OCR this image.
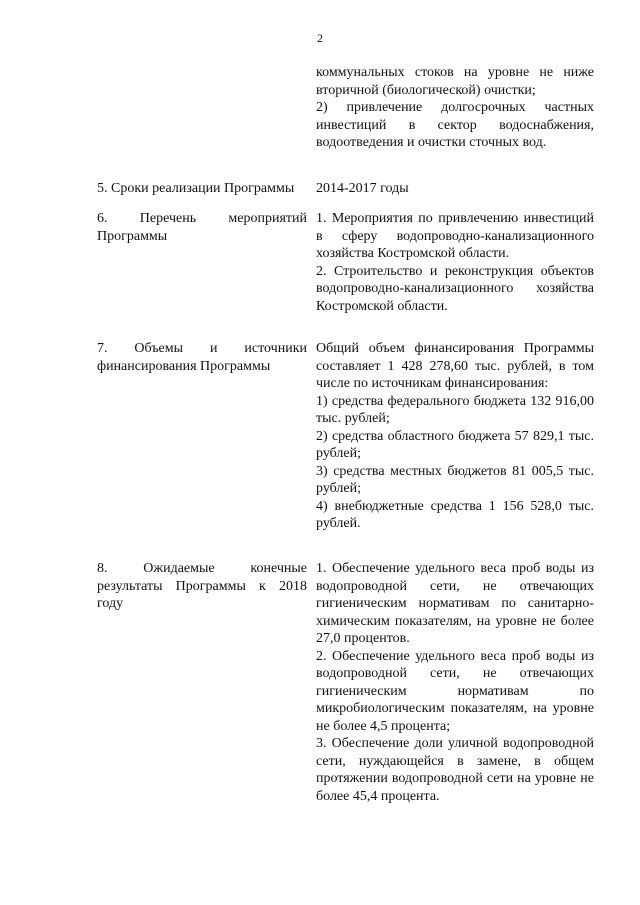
2

коммунальных стоков на уровне не ниже вторичной (биологической) очистки;

2) привлечение долгосрочных частных инвестиций в сектор водоснабжения, водоотведения и очистки сточных вод.

5. Сроки реализации Программы	2014-2017 годы

6. Перечень мероприятий Программы

1. Мероприятия по привлечению инвестиций в сферу водопроводно-канализационного хозяйства Костромской области.

2. Строительство и реконструкция объектов водопроводно-канализационного хозяйства Костромской области.

7. Объемы и источники финансирования Программы

Общий объем финансирования Программы составляет 1 428 278,60 тыс. рублей, в том числе по источникам финансирования:

1) средства федерального бюджета 132 916,00 тыс. рублей;

2) средства областного бюджета 57 829,1 тыс. рублей;

3) средства местных бюджетов 81 005,5 тыс. рублей;

4) внебюджетные средства 1 156 528,0 тыс. рублей.

8. Ожидаемые конечные результаты Программы к 2018 году

1. Обеспечение удельного веса проб воды из водопроводной сети, не отвечающих гигиеническим нормативам по санитарно-химическим показателям, на уровне не более 27,0 процентов.

2. Обеспечение удельного веса проб воды из водопроводной сети, не отвечающих гигиеническим нормативам по микробиологическим показателям, на уровне не более 4,5 процента;

3. Обеспечение доли уличной водопроводной сети, нуждающейся в замене, в общем протяжении водопроводной сети на уровне не более 45,4 процента.
